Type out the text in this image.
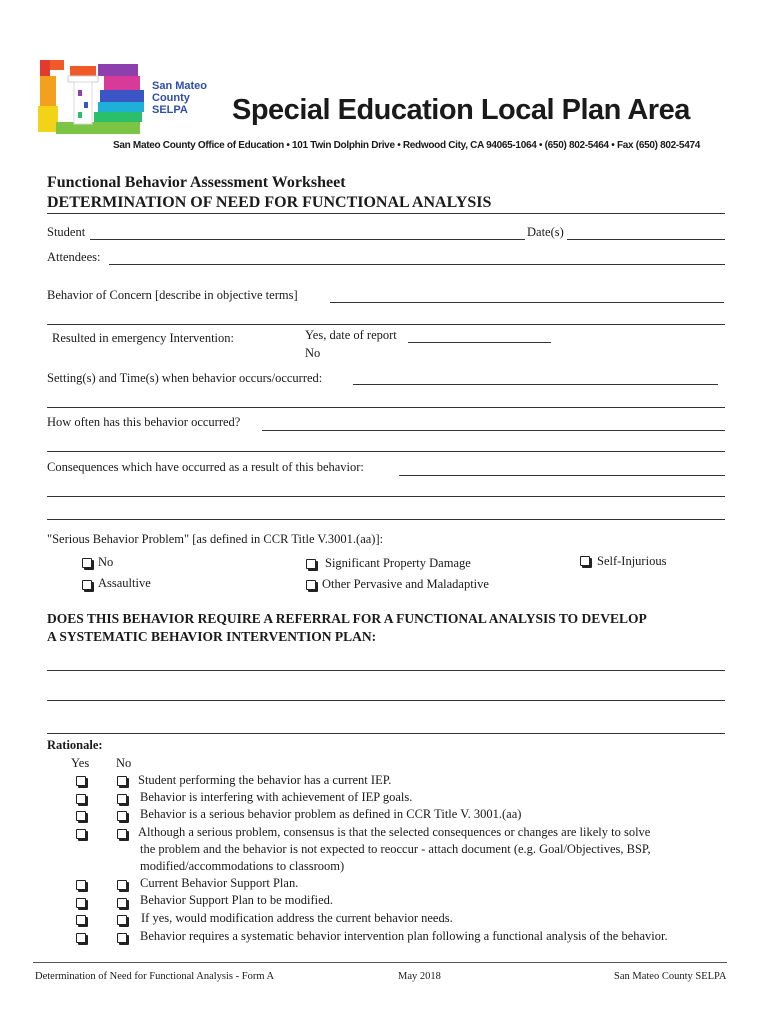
San Mateo
County
SELPA	Special Education Local Plan Area
San Mateo County Office of Education • 101 Twin Dolphin Drive • Redwood City, CA 94065-1064 • (650) 802-5464 • Fax (650) 802-5474
Functional Behavior Assessment Worksheet
DETERMINATION OF NEED FOR FUNCTIONAL ANALYSIS
Student	Date(s)
Attendees:
Behavior of Concern [describe in objective terms]
Resulted in emergency Intervention:	Yes, date of report
No
Setting(s) and Time(s) when behavior occurs/occurred:
How often has this behavior occurred?
Consequences which have occurred as a result of this behavior:
"Serious Behavior Problem" [as defined in CCR Title V.3001.(aa)]:
No	Significant Property Damage	Self-Injurious
Assaultive	Other Pervasive and Maladaptive
DOES THIS BEHAVIOR REQUIRE A REFERRAL FOR A FUNCTIONAL ANALYSIS TO DEVELOP
A SYSTEMATIC BEHAVIOR INTERVENTION PLAN:
Rationale:
Yes No
Student performing the behavior has a current IEP.
Behavior is interfering with achievement of IEP goals.
Behavior is a serious behavior problem as defined in CCR Title V. 3001.(aa)
Although a serious problem, consensus is that the selected consequences or changes are likely to solve
the problem and the behavior is not expected to reoccur - attach document (e.g. Goal/Objectives, BSP,
modified/accommodations to classroom)
Current Behavior Support Plan.
Behavior Support Plan to be modified.
If yes, would modification address the current behavior needs.
Behavior requires a systematic behavior intervention plan following a functional analysis of the behavior.
Determination of Need for Functional Analysis - Form A	May 2018	San Mateo County SELPA
